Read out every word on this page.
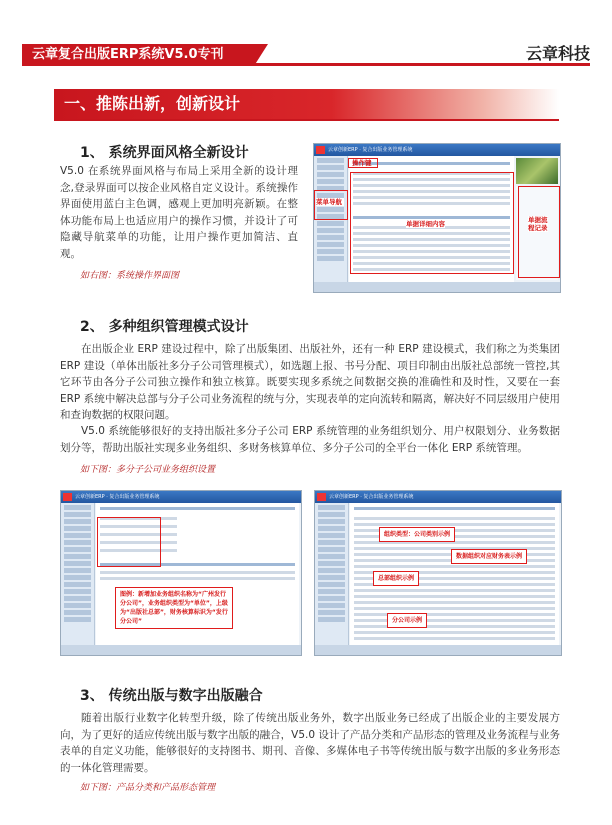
云章复合出版ERP系统V5.0专刊	云章科技
一、推陈出新，创新设计
1、 系统界面风格全新设计
V5.0 在系统界面风格与布局上采用全新的设计理念,登录界面可以按企业风格自定义设计。系统操作界面使用蓝白主色调，感观上更加明亮新颖。在整体功能布局上也适应用户的操作习惯，并设计了可隐藏导航菜单的功能，让用户操作更加简洁、直观。
如右图：系统操作界面图
云章创新ERP · 复合出版业务管理系统
操作键
菜单导航
单据详细内容	单据流程记录
2、 多种组织管理模式设计
在出版企业 ERP 建设过程中，除了出版集团、出版社外，还有一种 ERP 建设模式，我们称之为类集团 ERP 建设（单体出版社多分子公司管理模式），如选题上报、书号分配、项目印制由出版社总部统一管控,其它环节由各分子公司独立操作和独立核算。既要实现多系统之间数据交换的准确性和及时性，又要在一套 ERP 系统中解决总部与分子公司业务流程的统与分，实现表单的定向流转和隔离，解决好不同层级用户使用和查询数据的权限问题。
V5.0 系统能够很好的支持出版社多分子公司 ERP 系统管理的业务组织划分、用户权限划分、业务数据划分等，帮助出版社实现多业务组织、多财务核算单位、多分子公司的全平台一体化 ERP 系统管理。
如下图：多分子公司业务组织设置
云章创新ERP · 复合出版业务管理系统
图例：新增加业务组织名称为“广州发行分公司”，业务组织类型为“单位”，上级为“出版社总部”，财务核算标识为“发行分公司”
云章创新ERP · 复合出版业务管理系统
组织类型：公司类别示例
数据组织对应财务表示例
总部组织示例
分公司示例
3、 传统出版与数字出版融合
随着出版行业数字化转型升级，除了传统出版业务外，数字出版业务已经成了出版企业的主要发展方向，为了更好的适应传统出版与数字出版的融合，V5.0 设计了产品分类和产品形态的管理及业务流程与业务表单的自定义功能，能够很好的支持图书、期刊、音像、多媒体电子书等传统出版与数字出版的多业务形态的一体化管理需要。
如下图：产品分类和产品形态管理
